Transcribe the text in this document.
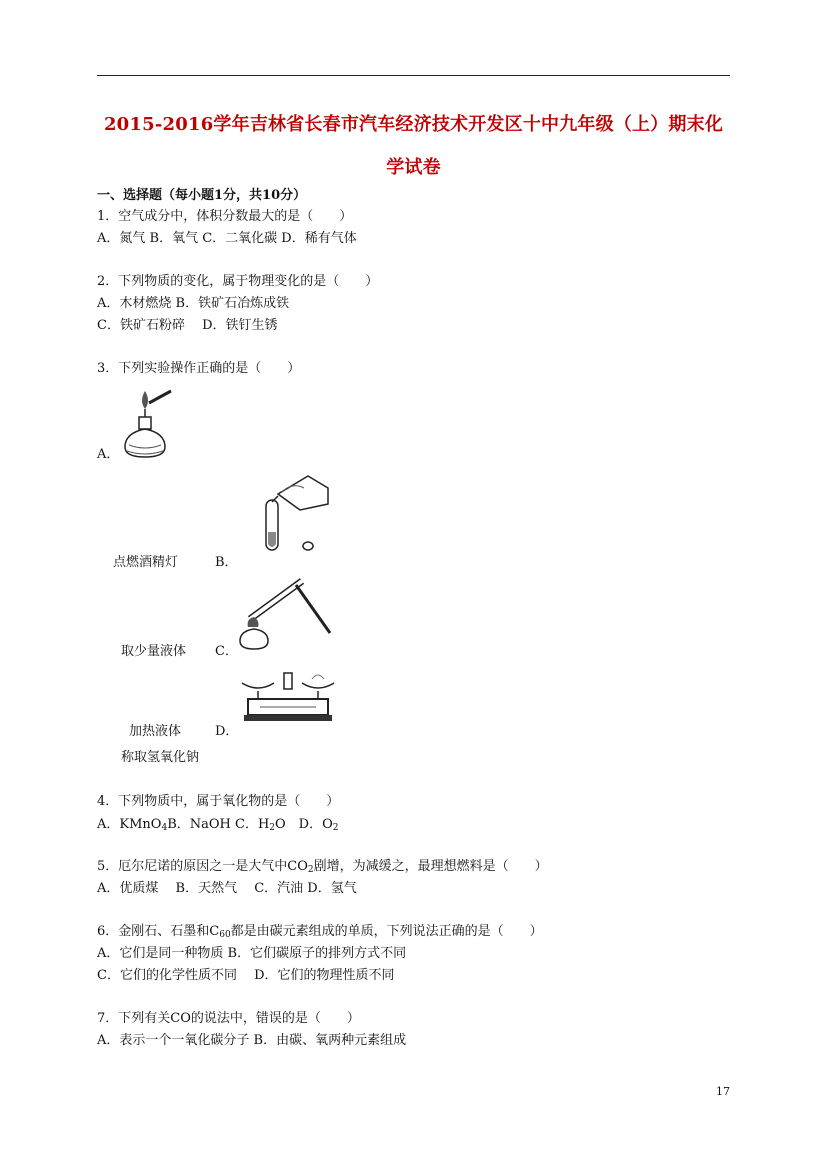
2015-2016学年吉林省长春市汽车经济技术开发区十中九年级（上）期末化
学试卷
一、选择题（每小题1分，共10分）
1．空气成分中，体积分数最大的是（　　）
A．氮气 B．氧气 C．二氧化碳 D．稀有气体
2．下列物质的变化，属于物理变化的是（　　）
A．木材燃烧 B．铁矿石冶炼成铁
C．铁矿石粉碎　 D．铁钉生锈
3．下列实验操作正确的是（　　）
A．
点燃酒精灯	B．
取少量液体 C．
加热液体	D．
称取氢氧化钠
4．下列物质中，属于氧化物的是（　　）
A．KMnO$_4$B．NaOH C．$H_2O$　D．$O_2$
5．厄尔尼诺的原因之一是大气中$CO_2$剧增，为减缓之，最理想燃料是（　　）
A．优质煤　 B．天然气　 C．汽油 D．氢气
6．金刚石、石墨和$C_{60}$都是由碳元素组成的单质，下列说法正确的是（　　）
A．它们是同一种物质 B．它们碳原子的排列方式不同
C．它们的化学性质不同　 D．它们的物理性质不同
7．下列有关CO的说法中，错误的是（　　）
A．表示一个一氧化碳分子 B．由碳、氧两种元素组成
17
